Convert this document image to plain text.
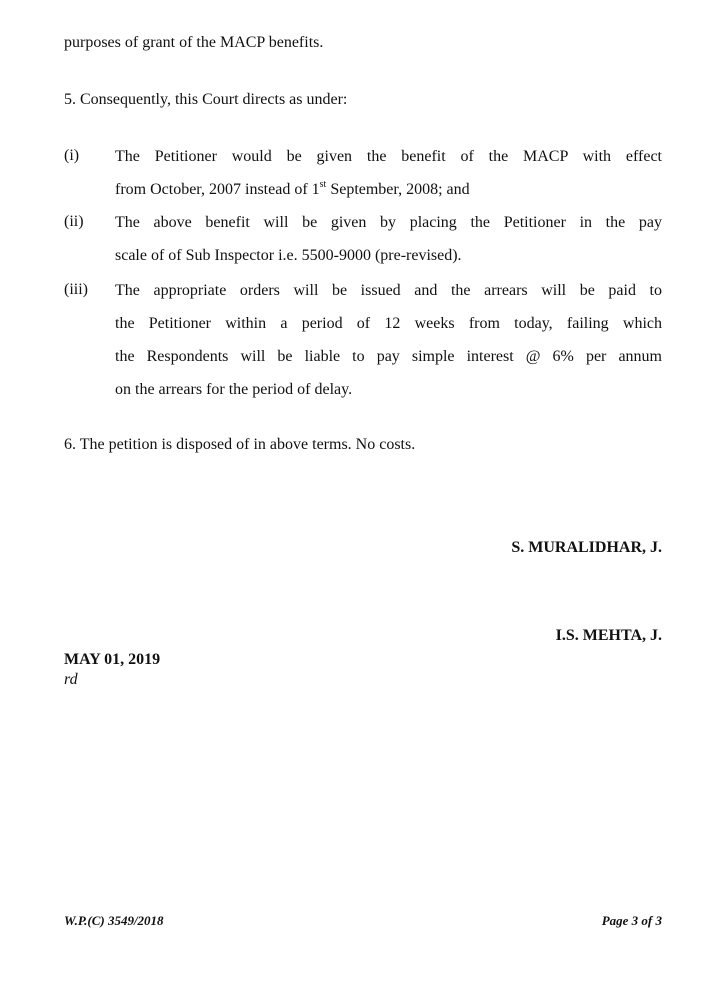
purposes of grant of the MACP benefits.
5. Consequently, this Court directs as under:
(i) The Petitioner would be given the benefit of the MACP with effect
from October, 2007 instead of 1st September, 2008; and
(ii) The above benefit will be given by placing the Petitioner in the pay
scale of of Sub Inspector i.e. 5500-9000 (pre-revised).
(iii) The appropriate orders will be issued and the arrears will be paid to
the Petitioner within a period of 12 weeks from today, failing which
the Respondents will be liable to pay simple interest @ 6% per annum
on the arrears for the period of delay.
6. The petition is disposed of in above terms. No costs.
S. MURALIDHAR, J.
I.S. MEHTA, J.
MAY 01, 2019
rd
W.P.(C) 3549/2018	Page 3 of 3
